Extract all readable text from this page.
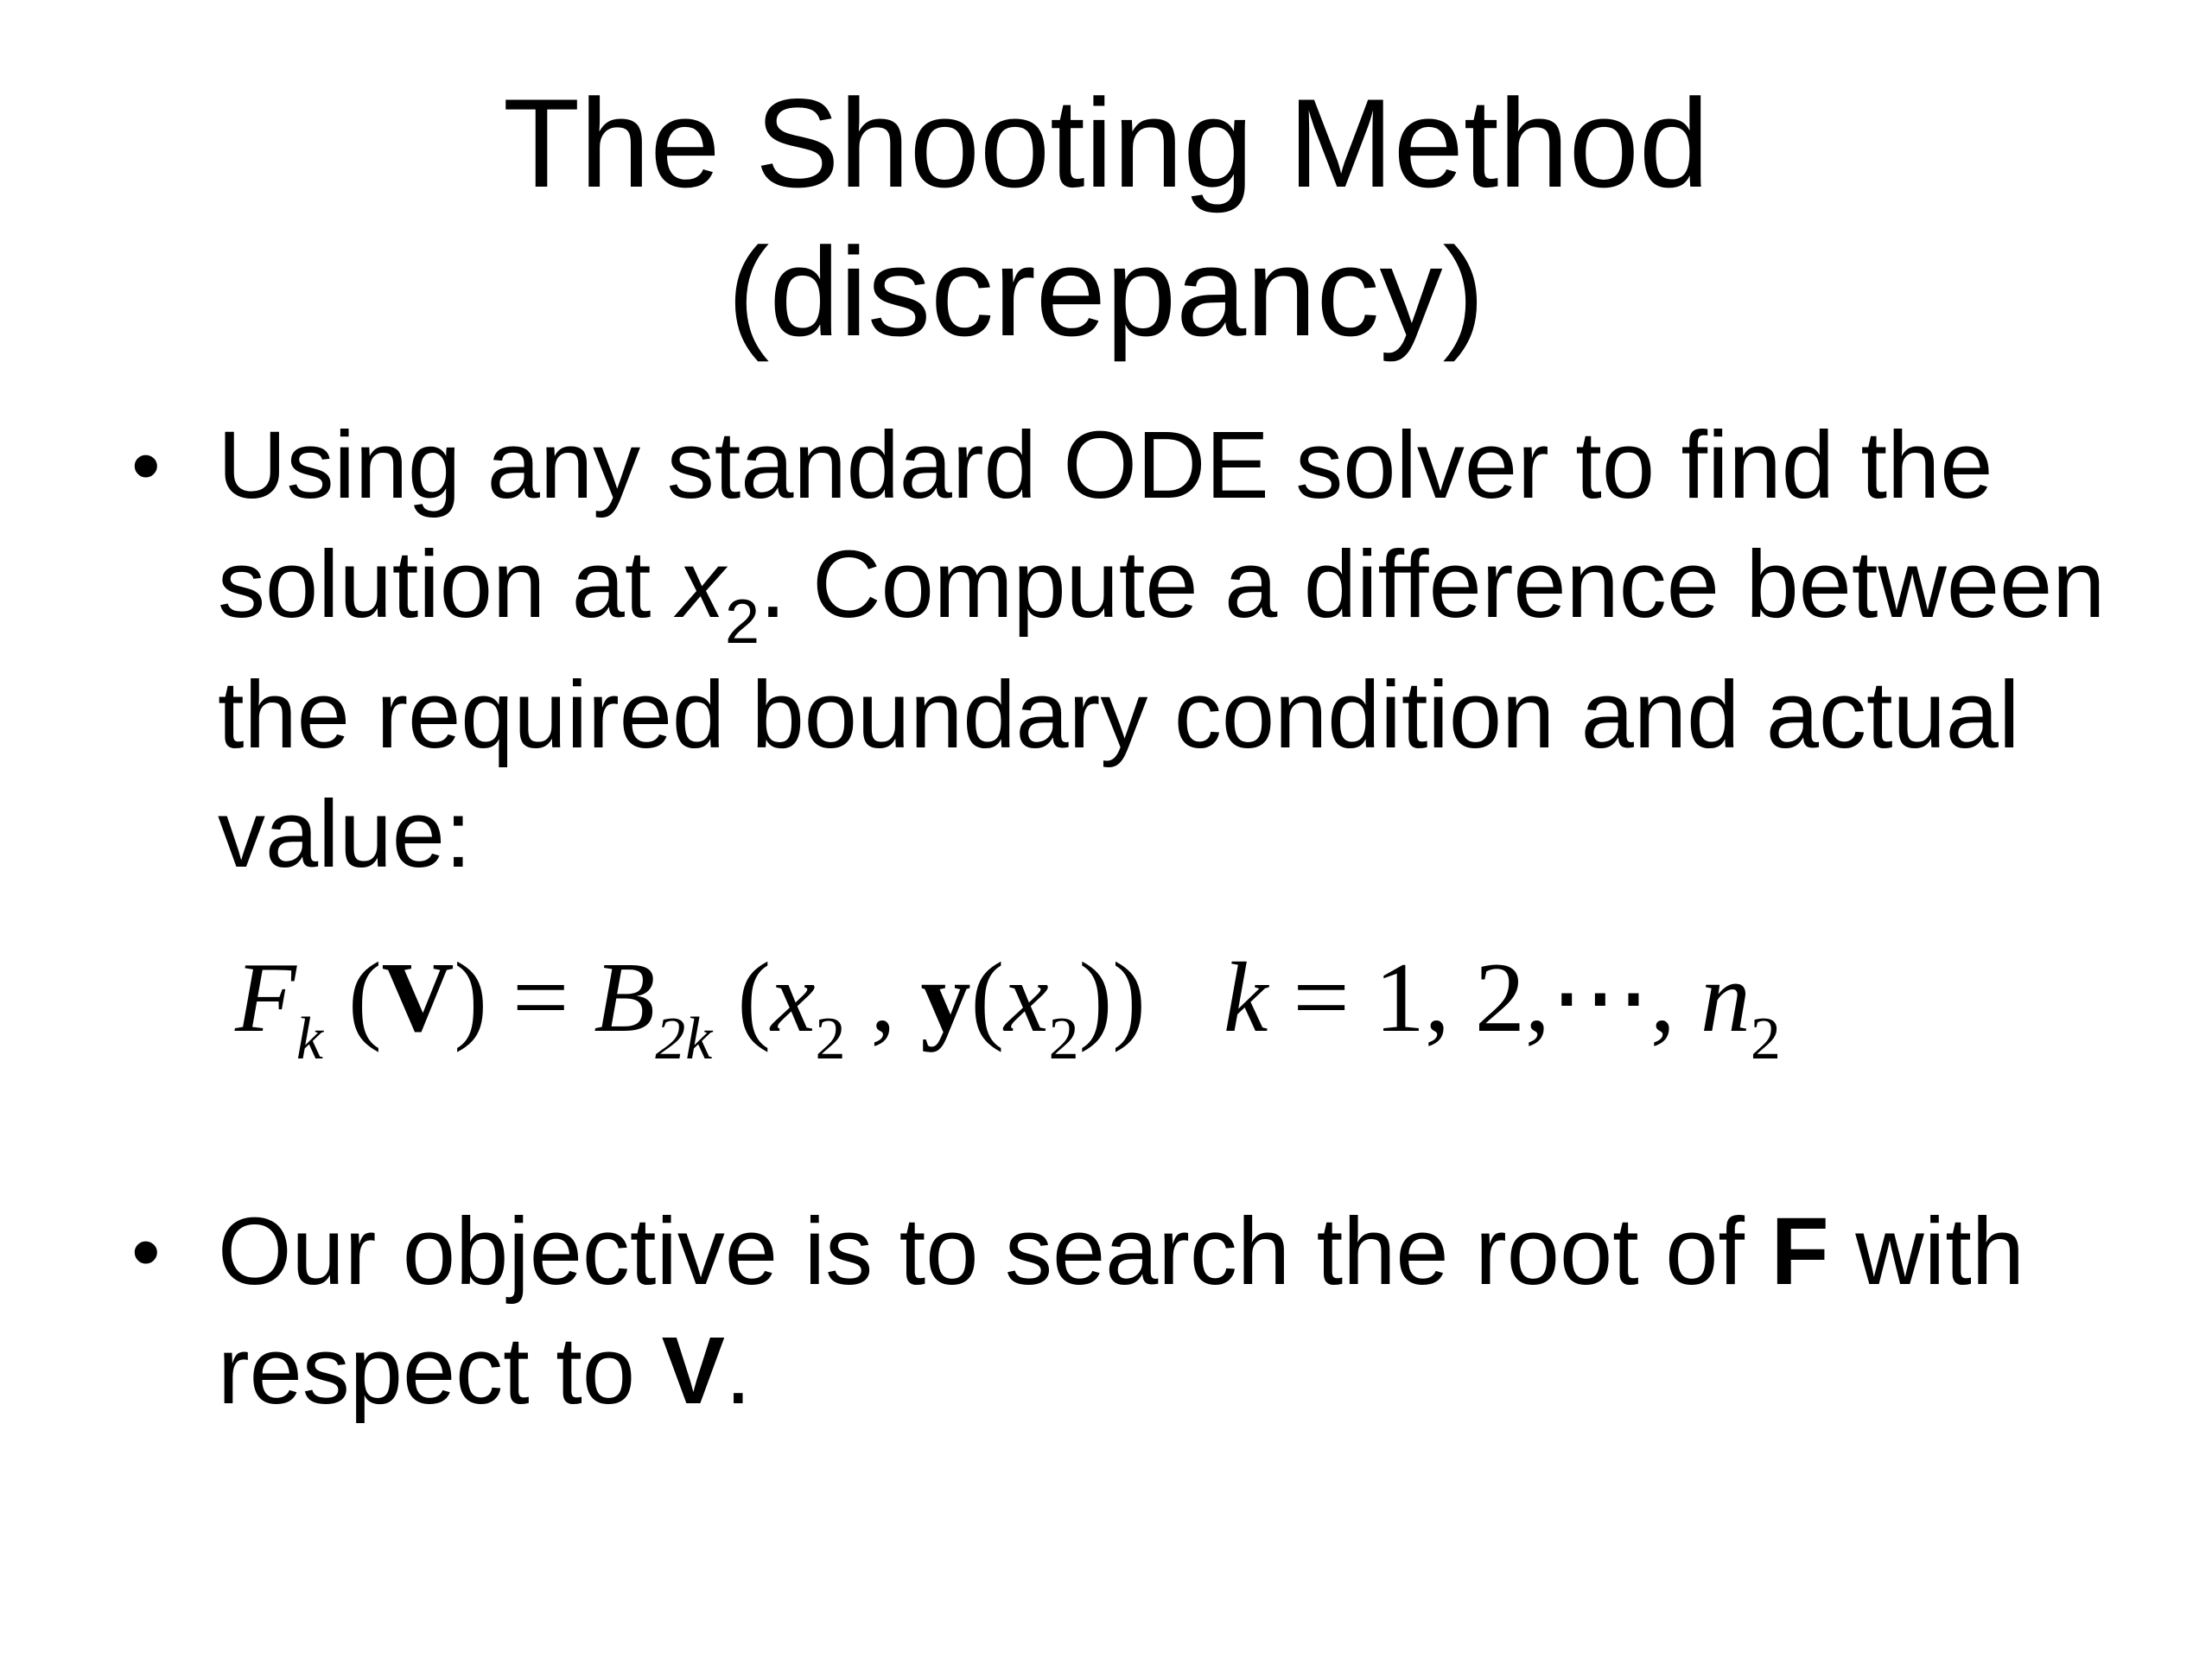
The Shooting Method
(discrepancy)
• Using any standard ODE solver to find the solution at $x_2$. Compute a difference between the required boundary condition and actual value:
$F_k$ $(V) = B_{2k}$ ($x_2$ , $y(x_2)$) k = 1, 2,⋯, $n_2$
• Our objective is to search the root of F with respect to V.
